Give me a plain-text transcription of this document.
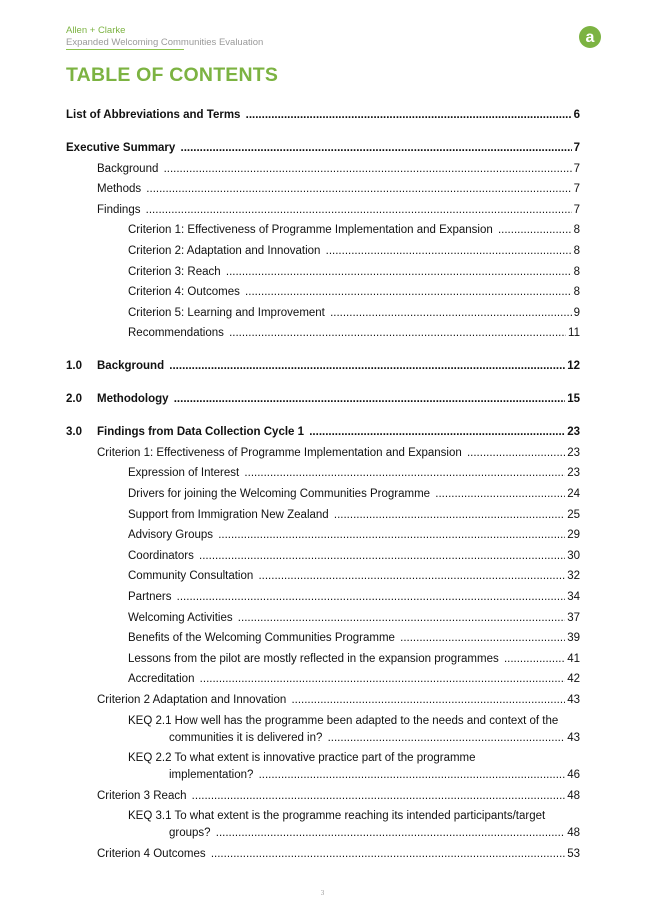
Allen + Clarke
Expanded Welcoming Communities Evaluation	a
TABLE OF CONTENTS
List of Abbreviations and Terms .....	6
Executive Summary .....	7
Background .....	7
Methods .....	7
Findings .....	7
Criterion 1: Effectiveness of Programme Implementation and Expansion .....	8
Criterion 2: Adaptation and Innovation .....	8
Criterion 3: Reach .....	8
Criterion 4: Outcomes .....	8
Criterion 5: Learning and Improvement .....	9
Recommendations .....	11
1.0 Background .....	12
2.0 Methodology .....	15
3.0 Findings from Data Collection Cycle 1 .....	23
Criterion 1: Effectiveness of Programme Implementation and Expansion .....	23
Expression of Interest .....	23
Drivers for joining the Welcoming Communities Programme .....	24
Support from Immigration New Zealand .....	25
Advisory Groups .....	29
Coordinators .....	30
Community Consultation .....	32
Partners .....	34
Welcoming Activities .....	37
Benefits of the Welcoming Communities Programme .....	39
Lessons from the pilot are mostly reflected in the expansion programmes .....	41
Accreditation .....	42
Criterion 2 Adaptation and Innovation .....	43
KEQ 2.1 How well has the programme been adapted to the needs and context of the
communities it is delivered in? .....	43
KEQ 2.2 To what extent is innovative practice part of the programme
implementation? .....	46
Criterion 3 Reach .....	48
KEQ 3.1 To what extent is the programme reaching its intended participants/target
groups? .....	48
Criterion 4 Outcomes .....	53
3
